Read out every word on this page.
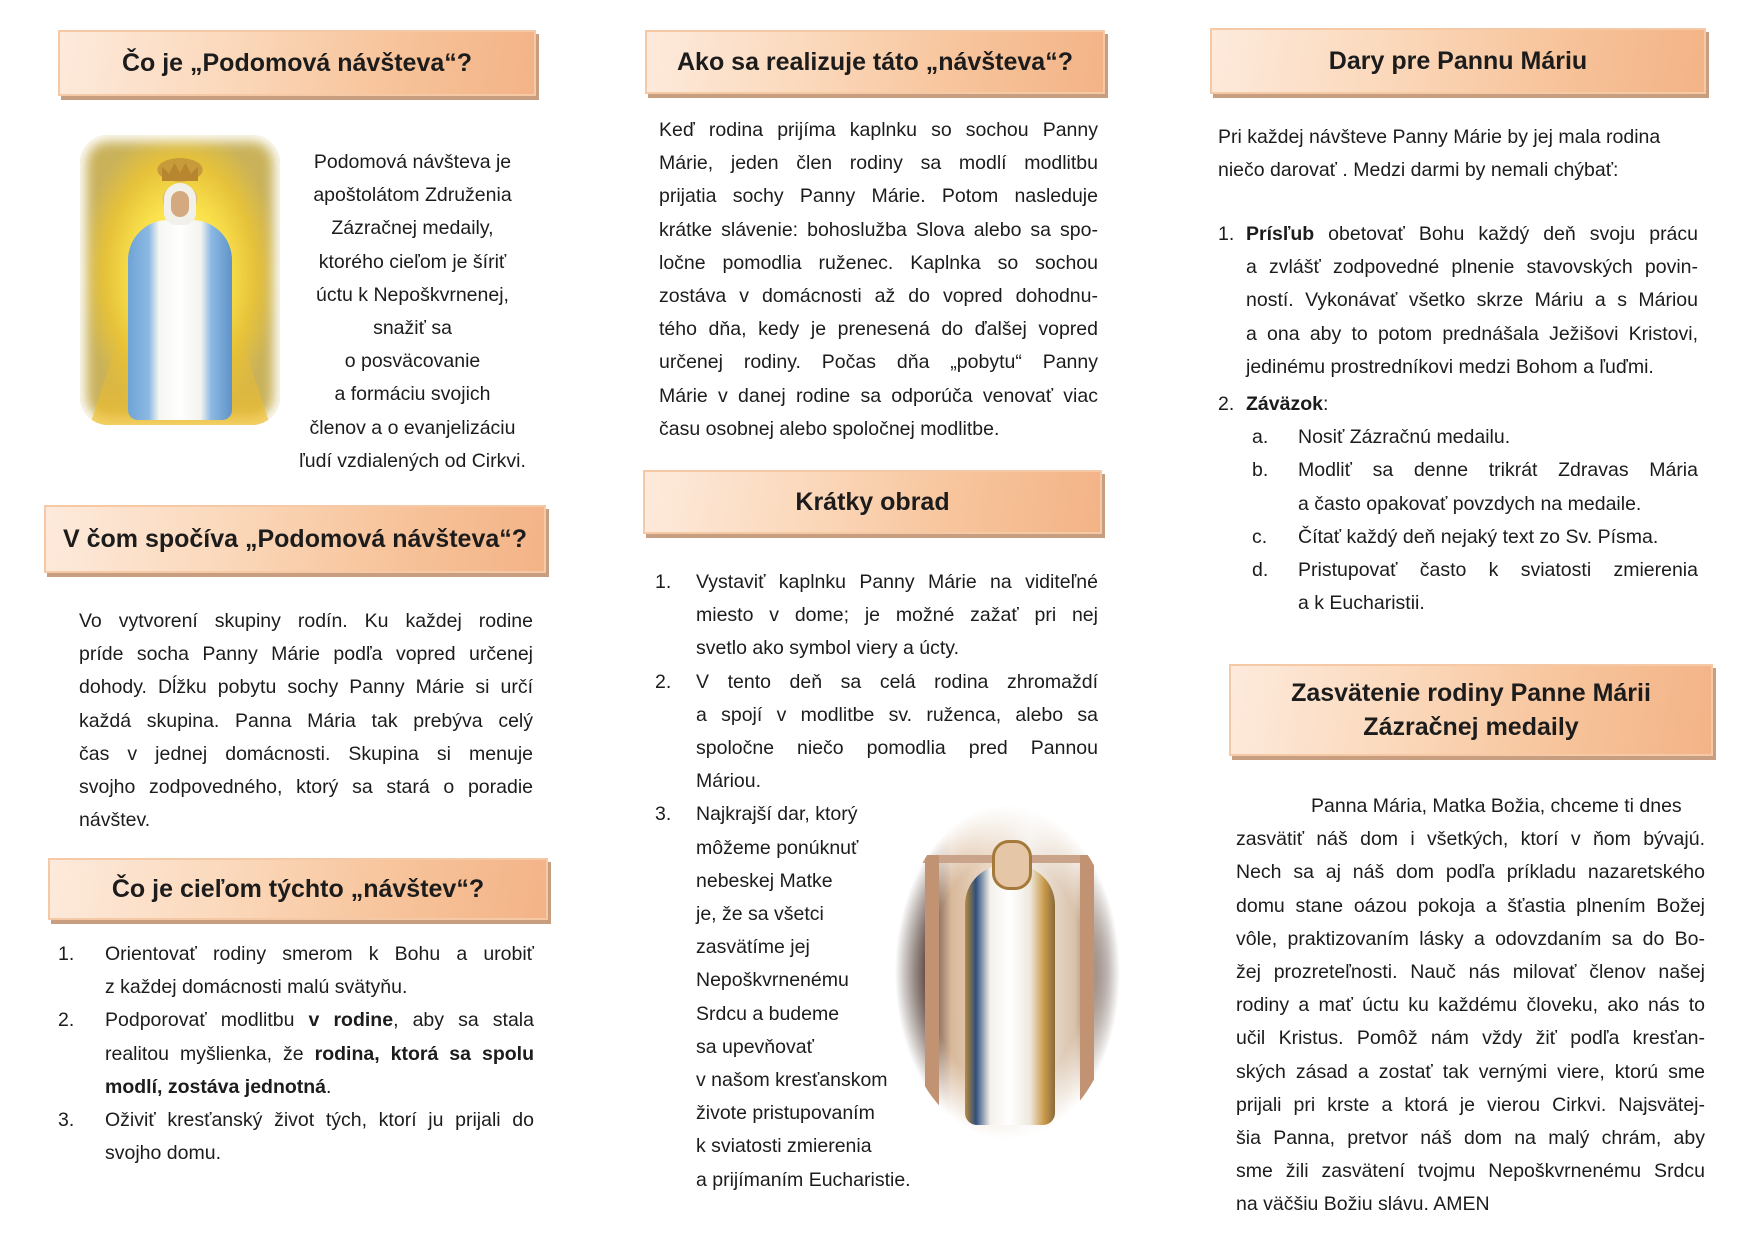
Čo je „Podomová návšteva“?
Podomová návšteva je
apoštolátom Združenia
Zázračnej medaily,
ktorého cieľom je šíriť
úctu k Nepoškvrnenej,
snažiť sa
o posväcovanie
a formáciu svojich
členov a o evanjelizáciu
ľudí vzdialených od Cirkvi.
V čom spočíva „Podomová návšteva“?
Vo vytvorení skupiny rodín. Ku každej rodine
príde socha Panny Márie podľa vopred určenej
dohody. Dĺžku pobytu sochy Panny Márie si určí
každá skupina. Panna Mária tak prebýva celý
čas v jednej domácnosti. Skupina si menuje
svojho zodpovedného, ktorý sa stará o poradie
návštev.
Čo je cieľom týchto „návštev“?
1. Orientovať rodiny smerom k Bohu a urobiť
z každej domácnosti malú svätyňu.
2. Podporovať modlitbu v rodine, aby sa stala
realitou myšlienka, že rodina, ktorá sa spolu
modlí, zostáva jednotná.
3. Oživiť kresťanský život tých, ktorí ju prijali do
svojho domu.
Ako sa realizuje táto „návšteva“?
Keď rodina prijíma kaplnku so sochou Panny
Márie, jeden člen rodiny sa modlí modlitbu
prijatia sochy Panny Márie. Potom nasleduje
krátke slávenie: bohoslužba Slova alebo sa spo-
ločne pomodlia ruženec. Kaplnka so sochou
zostáva v domácnosti až do vopred dohodnu-
tého dňa, kedy je prenesená do ďalšej vopred
určenej rodiny. Počas dňa „pobytu“ Panny
Márie v danej rodine sa odporúča venovať viac
času osobnej alebo spoločnej modlitbe.
Krátky obrad
1. Vystaviť kaplnku Panny Márie na viditeľné
miesto v dome; je možné zažať pri nej
svetlo ako symbol viery a úcty.
2. V tento deň sa celá rodina zhromaždí
a spojí v modlitbe sv. ruženca, alebo sa
spoločne niečo pomodlia pred Pannou
Máriou.
3. Najkrajší dar, ktorý
môžeme ponúknuť
nebeskej Matke
je, že sa všetci
zasvätíme jej
Nepoškvrnenému
Srdcu a budeme
sa upevňovať
v našom kresťanskom
živote pristupovaním
k sviatosti zmierenia
a prijímaním Eucharistie.
Dary pre Pannu Máriu
Pri každej návšteve Panny Márie by jej mala rodina
niečo darovať . Medzi darmi by nemali chýbať:
1. Prísľub obetovať Bohu každý deň svoju prácu
a zvlášť zodpovedné plnenie stavovských povin-
ností. Vykonávať všetko skrze Máriu a s Máriou
a ona aby to potom prednášala Ježišovi Kristovi,
jedinému prostredníkovi medzi Bohom a ľuďmi.
2. Záväzok:
a. Nosiť Zázračnú medailu.
b. Modliť sa denne trikrát Zdravas Mária
a často opakovať povzdych na medaile.
c. Čítať každý deň nejaký text zo Sv. Písma.
d. Pristupovať často k sviatosti zmierenia
a k Eucharistii.
Zasvätenie rodiny Panne Márii
Zázračnej medaily
Panna Mária, Matka Božia, chceme ti dnes
zasvätiť náš dom i všetkých, ktorí v ňom bývajú.
Nech sa aj náš dom podľa príkladu nazaretského
domu stane oázou pokoja a šťastia plnením Božej
vôle, praktizovaním lásky a odovzdaním sa do Bo-
žej prozreteľnosti. Nauč nás milovať členov našej
rodiny a mať úctu ku každému človeku, ako nás to
učil Kristus. Pomôž nám vždy žiť podľa kresťan-
ských zásad a zostať tak vernými viere, ktorú sme
prijali pri krste a ktorá je vierou Cirkvi. Najsvätej-
šia Panna, pretvor náš dom na malý chrám, aby
sme žili zasvätení tvojmu Nepoškvrnenému Srdcu
na väčšiu Božiu slávu. AMEN
